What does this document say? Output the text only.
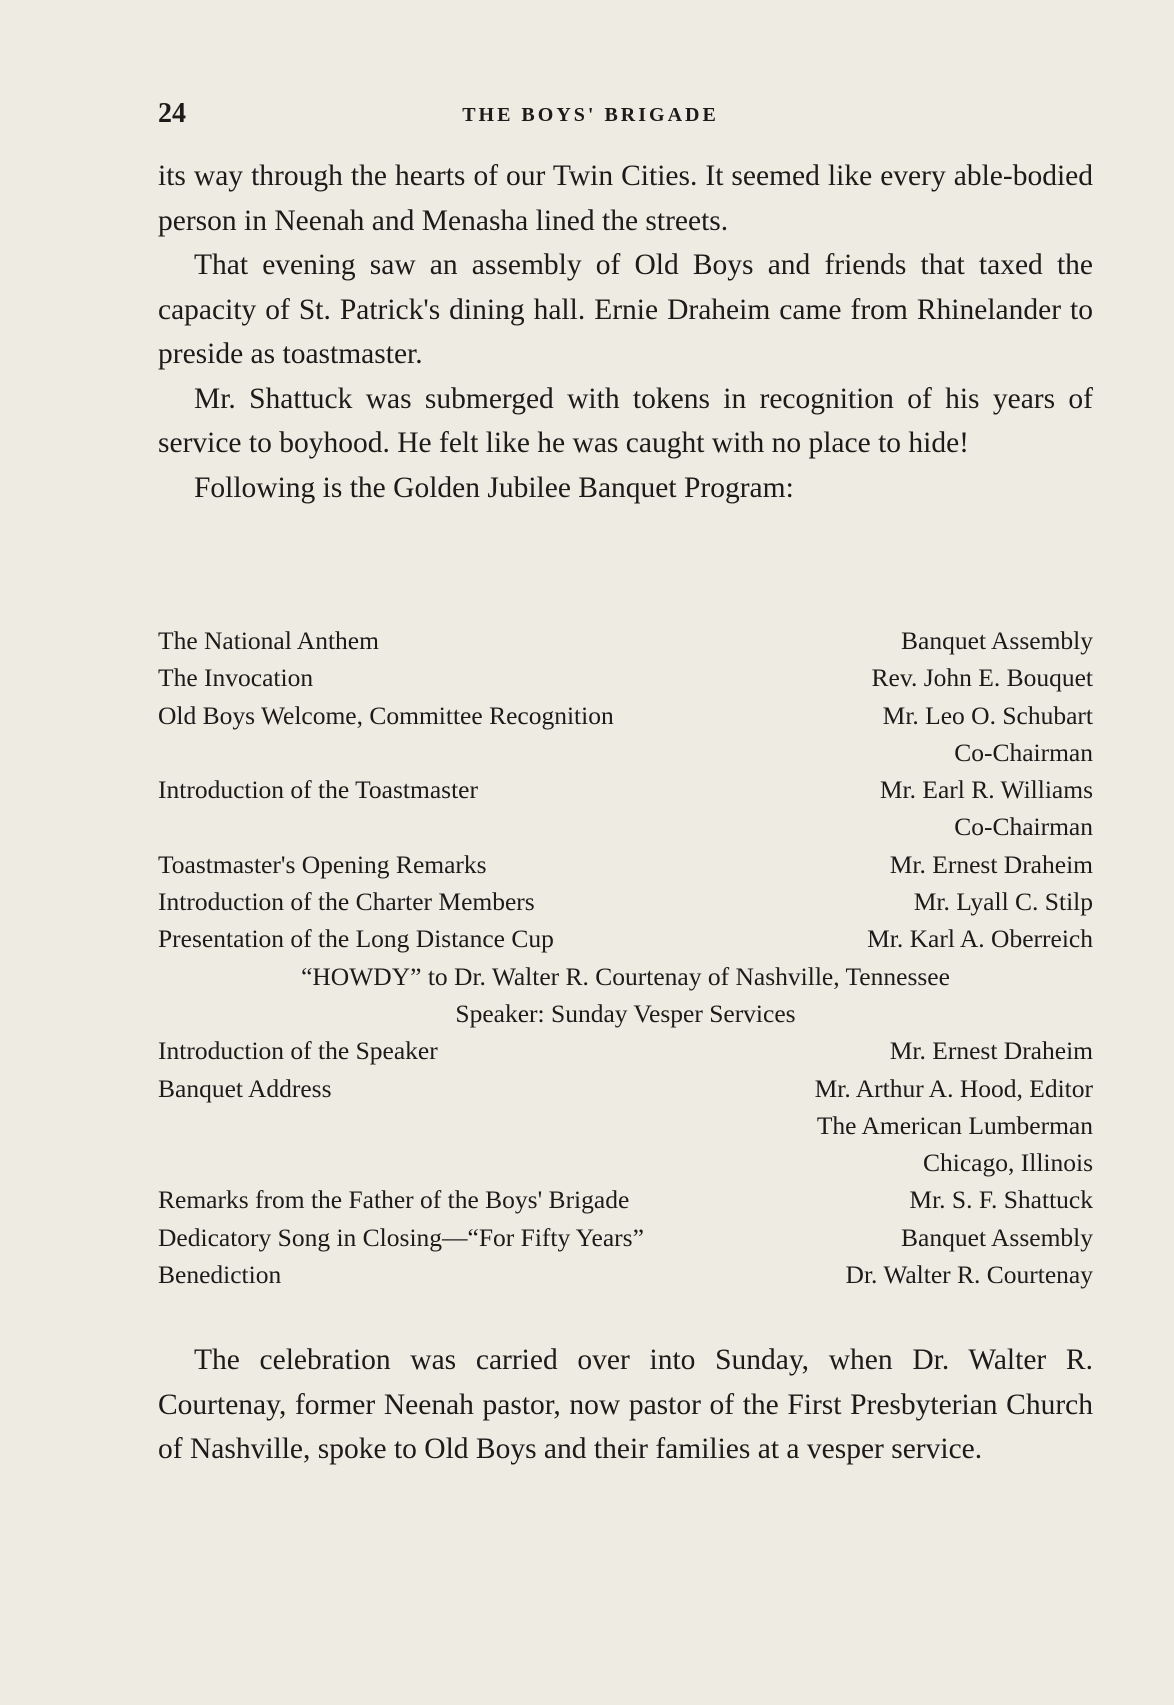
24	THE BOYS' BRIGADE

its way through the hearts of our Twin Cities. It seemed like every able-bodied person in Neenah and Menasha lined the streets.

That evening saw an assembly of Old Boys and friends that taxed the capacity of St. Patrick's dining hall. Ernie Draheim came from Rhinelander to preside as toastmaster.

Mr. Shattuck was submerged with tokens in recognition of his years of service to boyhood. He felt like he was caught with no place to hide!

Following is the Golden Jubilee Banquet Program:

The National Anthem	Banquet Assembly
The Invocation	Rev. John E. Bouquet
Old Boys Welcome, Committee Recognition	Mr. Leo O. Schubart
Co-Chairman
Introduction of the Toastmaster	Mr. Earl R. Williams
Co-Chairman
Toastmaster's Opening Remarks	Mr. Ernest Draheim
Introduction of the Charter Members	Mr. Lyall C. Stilp
Presentation of the Long Distance Cup	Mr. Karl A. Oberreich
“HOWDY” to Dr. Walter R. Courtenay of Nashville, Tennessee
Speaker: Sunday Vesper Services
Introduction of the Speaker	Mr. Ernest Draheim
Banquet Address	Mr. Arthur A. Hood, Editor
The American Lumberman
Chicago, Illinois
Remarks from the Father of the Boys' Brigade	Mr. S. F. Shattuck
Dedicatory Song in Closing—“For Fifty Years”	Banquet Assembly
Benediction	Dr. Walter R. Courtenay

The celebration was carried over into Sunday, when Dr. Walter R. Courtenay, former Neenah pastor, now pastor of the First Presbyterian Church of Nashville, spoke to Old Boys and their families at a vesper service.
